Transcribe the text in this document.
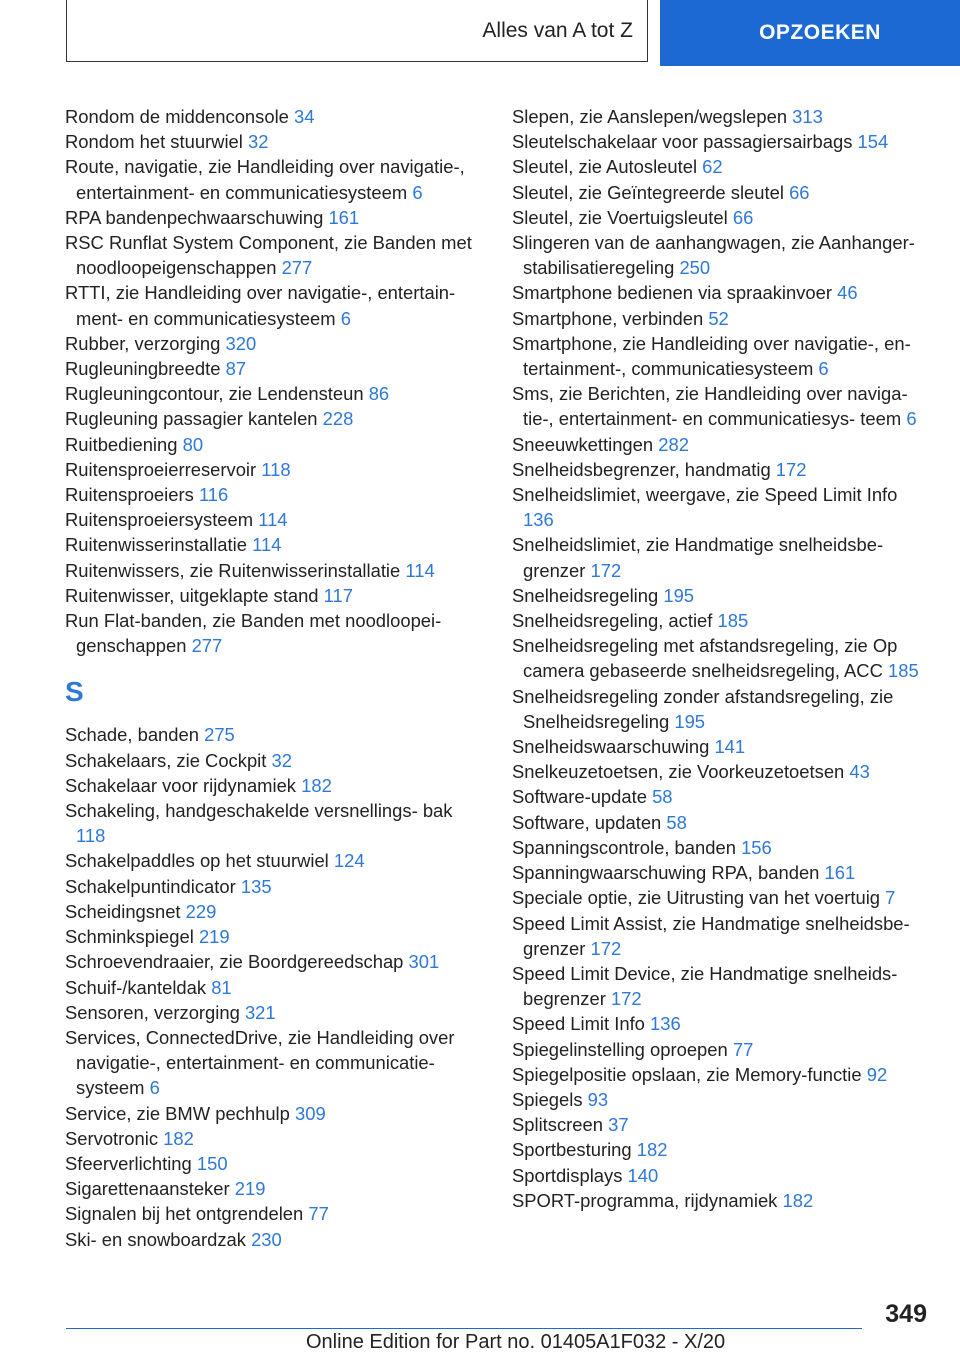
Alles van A tot Z	OPZOEKEN
Rondom de middenconsole 34
Rondom het stuurwiel 32
Route, navigatie, zie Handleiding over navigatie-, entertainment- en communicatiesysteem 6
RPA bandenpechwaarschuwing 161
RSC Runflat System Component, zie Banden met noodloopeigenschappen 277
RTTI, zie Handleiding over navigatie-, entertain‐ ment- en communicatiesysteem 6
Rubber, verzorging 320
Rugleuningbreedte 87
Rugleuningcontour, zie Lendensteun 86
Rugleuning passagier kantelen 228
Ruitbediening 80
Ruitensproeierreservoir 118
Ruitensproeiers 116
Ruitensproeiersysteem 114
Ruitenwisserinstallatie 114
Ruitenwissers, zie Ruitenwisserinstallatie 114
Ruitenwisser, uitgeklapte stand 117
Run Flat-banden, zie Banden met noodloopei‐ genschappen 277
S
Schade, banden 275
Schakelaars, zie Cockpit 32
Schakelaar voor rijdynamiek 182
Schakeling, handgeschakelde versnellings‐ bak 118
Schakelpaddles op het stuurwiel 124
Schakelpuntindicator 135
Scheidingsnet 229
Schminkspiegel 219
Schroevendraaier, zie Boordgereedschap 301
Schuif-/kanteldak 81
Sensoren, verzorging 321
Services, ConnectedDrive, zie Handleiding over navigatie-, entertainment- en communicatie‐ systeem 6
Service, zie BMW pechhulp 309
Servotronic 182
Sfeerverlichting 150
Sigarettenaansteker 219
Signalen bij het ontgrendelen 77
Ski- en snowboardzak 230
Slepen, zie Aanslepen/wegslepen 313
Sleutelschakelaar voor passagiersairbags 154
Sleutel, zie Autosleutel 62
Sleutel, zie Geïntegreerde sleutel 66
Sleutel, zie Voertuigsleutel 66
Slingeren van de aanhangwagen, zie Aanhanger‐ stabilisatieregeling 250
Smartphone bedienen via spraakinvoer 46
Smartphone, verbinden 52
Smartphone, zie Handleiding over navigatie-, en‐ tertainment-, communicatiesysteem 6
Sms, zie Berichten, zie Handleiding over naviga‐ tie-, entertainment- en communicatiesys‐ teem 6
Sneeuwkettingen 282
Snelheidsbegrenzer, handmatig 172
Snelheidslimiet, weergave, zie Speed Limit Info 136
Snelheidslimiet, zie Handmatige snelheidsbe‐ grenzer 172
Snelheidsregeling 195
Snelheidsregeling, actief 185
Snelheidsregeling met afstandsregeling, zie Op camera gebaseerde snelheidsregeling, ACC 185
Snelheidsregeling zonder afstandsregeling, zie Snelheidsregeling 195
Snelheidswaarschuwing 141
Snelkeuzetoetsen, zie Voorkeuzetoetsen 43
Software-update 58
Software, updaten 58
Spanningscontrole, banden 156
Spanningwaarschuwing RPA, banden 161
Speciale optie, zie Uitrusting van het voertuig 7
Speed Limit Assist, zie Handmatige snelheidsbe‐ grenzer 172
Speed Limit Device, zie Handmatige snelheids‐ begrenzer 172
Speed Limit Info 136
Spiegelinstelling oproepen 77
Spiegelpositie opslaan, zie Memory-functie 92
Spiegels 93
Splitscreen 37
Sportbesturing 182
Sportdisplays 140
SPORT-programma, rijdynamiek 182
349
Online Edition for Part no. 01405A1F032 - X/20
